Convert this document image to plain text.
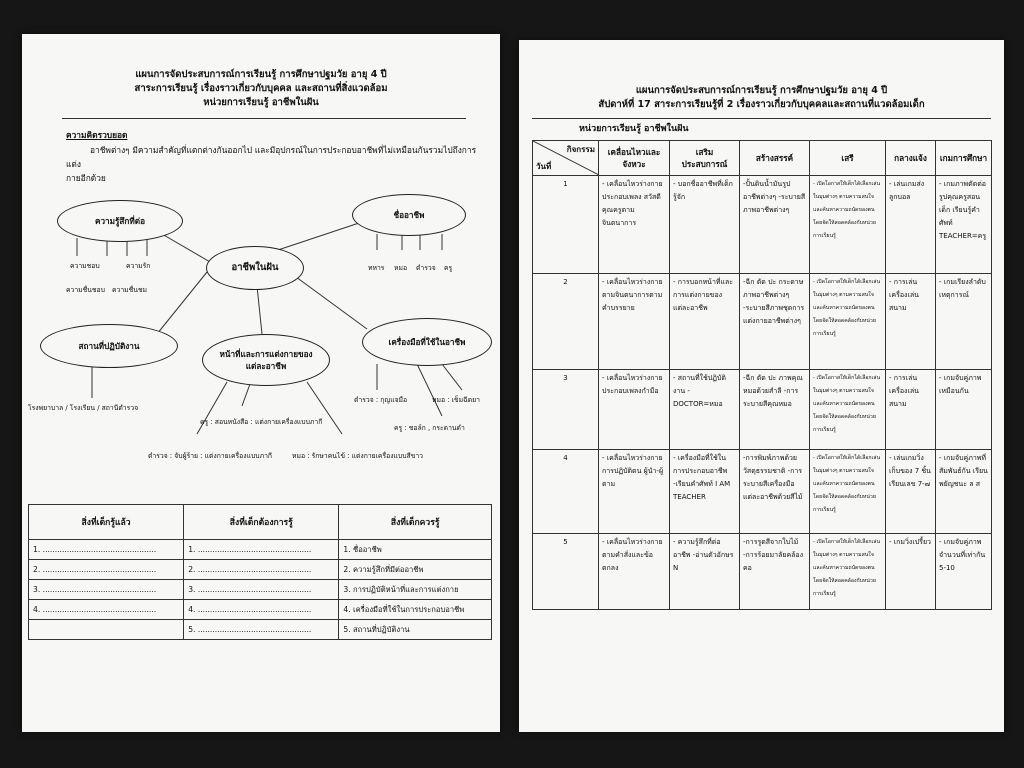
แผนการจัดประสบการณ์การเรียนรู้ การศึกษาปฐมวัย อายุ 4 ปี
สาระการเรียนรู้ เรื่องราวเกี่ยวกับบุคคล และสถานที่สิ่งแวดล้อม
หน่วยการเรียนรู้ อาชีพในฝัน
ความคิดรวบยอด
อาชีพต่างๆ มีความสำคัญที่แตกต่างกันออกไป และมีอุปกรณ์ในการประกอบอาชีพที่ไม่เหมือนกันรวมไปถึงการแต่ง
กายอีกด้วย
อาชีพในฝัน
ความรู้สึกที่ต่อ
ชื่ออาชีพ
สถานที่ปฏิบัติงาน
หน้าที่และการแต่งกายของแต่ละอาชีพ
เครื่องมือที่ใช้ในอาชีพ
ความชอบ	ความรัก
ความชื่นชอบ ความชื่นชม
ทหาร หมอ ตำรวจ ครู
โรงพยาบาล / โรงเรียน / สถานีตำรวจ
ครู : สอนหนังสือ : แต่งกายเครื่องแบบภากี
ตำรวจ : จับผู้ร้าย : แต่งกายเครื่องแบบภากี	หมอ : รักษาคนไข้ : แต่งกายเครื่องแบบสีขาว
ตำรวจ : กุญแจมือ	หมอ : เข็มฉีดยา
ครู : ชอล์ก , กระดานดำ
สิ่งที่เด็กรู้แล้ว	สิ่งที่เด็กต้องการรู้	สิ่งที่เด็กควรรู้
1. ...............................................	1. ...............................................	1. ชื่ออาชีพ
2. ...............................................	2. ...............................................	2. ความรู้สึกที่มีต่ออาชีพ
3. ...............................................	3. ...............................................	3. การปฏิบัติหน้าที่และการแต่งกาย
4. ...............................................	4. ...............................................	4. เครื่องมือที่ใช้ในการประกอบอาชีพ
	5. ...............................................	5. สถานที่ปฏิบัติงาน
แผนการจัดประสบการณ์การเรียนรู้ การศึกษาปฐมวัย อายุ 4 ปี
สัปดาห์ที่ 17 สาระการเรียนรู้ที่ 2 เรื่องราวเกี่ยวกับบุคคลและสถานที่แวดล้อมเด็ก
หน่วยการเรียนรู้ อาชีพในฝัน
กิจกรรม
วันที่	เคลื่อนไหวและจังหวะ	เสริมประสบการณ์	สร้างสรรค์	เสรี	กลางแจ้ง	เกมการศึกษา
1	- เคลื่อนไหวร่างกายประกอบเพลง สวัสดีคุณครูตามจินตนาการ	- บอกชื่ออาชีพที่เด็กรู้จัก	-ปั้นดินน้ำมันรูปอาชีพต่างๆ -ระบายสีภาพอาชีพต่างๆ	- เปิดโอกาสให้เด็กได้เลือกเล่นในมุมต่างๆ ตามความสนใจและค้นหาความถนัดของตนโดยจัดให้สอดคล้องกับหน่วยการเรียนรู้	- เล่นเกมส่งลูกบอล	- เกมภาพตัดต่อรูปคุณครูสอนเด็ก เรียนรู้คำศัพท์ TEACHER=ครู
2	- เคลื่อนไหวร่างกายตามจินตนาการตามคำบรรยาย	- การบอกหน้าที่และการแต่งกายของแต่ละอาชีพ	-ฉีก ตัด ปะ กระดาษภาพอาชีพต่างๆ -ระบายสีภาพชุดการแต่งกายอาชีพต่างๆ	- เปิดโอกาสให้เด็กได้เลือกเล่นในมุมต่างๆ ตามความสนใจและค้นหาความถนัดของตนโดยจัดให้สอดคล้องกับหน่วยการเรียนรู้	- การเล่นเครื่องเล่นสนาม	- เกมเรียงลำดับเหตุการณ์
3	- เคลื่อนไหวร่างกายประกอบเพลงกำมือ	- สถานที่ใช้ปฏิบัติงาน -DOCTOR=หมอ	-ฉีก ตัด ปะ ภาพคุณหมอด้วยสำลี -การระบายสีคุณหมอ	- เปิดโอกาสให้เด็กได้เลือกเล่นในมุมต่างๆ ตามความสนใจและค้นหาความถนัดของตนโดยจัดให้สอดคล้องกับหน่วยการเรียนรู้	- การเล่นเครื่องเล่นสนาม	- เกมจับคู่ภาพเหมือนกัน
4	- เคลื่อนไหวร่างกายการปฏิบัติตน ผู้นำ-ผู้ตาม	- เครื่องมือที่ใช้ในการประกอบอาชีพ -เรียนคำศัพท์ I AM TEACHER	-การพิมพ์ภาพด้วยวัสดุธรรมชาติ -การระบายสีเครื่องมือแต่ละอาชีพด้วยสีไม้	- เปิดโอกาสให้เด็กได้เลือกเล่นในมุมต่างๆ ตามความสนใจและค้นหาความถนัดของตนโดยจัดให้สอดคล้องกับหน่วยการเรียนรู้	- เล่นเกมวิ่งเก็บของ 7 ชิ้น เรียนเลข 7-๗	- เกมจับคู่ภาพที่สัมพันธ์กัน เรียนพยัญชนะ ล ส
5	- เคลื่อนไหวร่างกายตามคำสั่งและข้อตกลง	- ความรู้สึกที่ต่ออาชีพ -อ่านตัวอักษร N	-การรูดสีจากใบไม้ -การร้อยมาลัยคล้องคอ	- เปิดโอกาสให้เด็กได้เลือกเล่นในมุมต่างๆ ตามความสนใจและค้นหาความถนัดของตนโดยจัดให้สอดคล้องกับหน่วยการเรียนรู้	- เกมวิ่งเปรี้ยว	- เกมจับคู่ภาพจำนวนที่เท่ากัน 5-10
